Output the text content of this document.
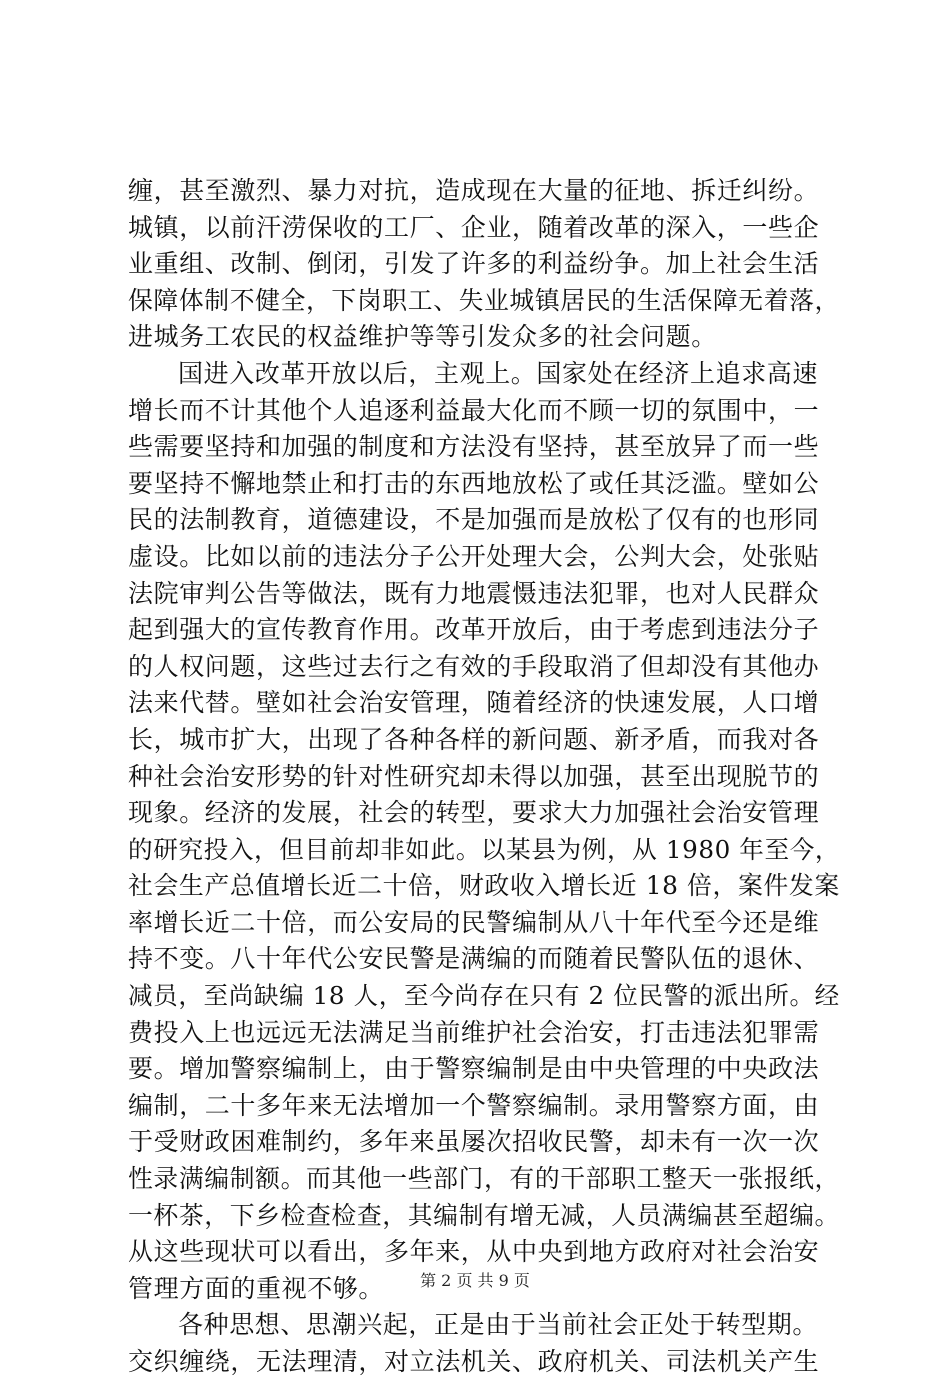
缠，甚至激烈、暴力对抗，造成现在大量的征地、拆迁纠纷。
城镇，以前汗涝保收的工厂、企业，随着改革的深入，一些企
业重组、改制、倒闭，引发了许多的利益纷争。加上社会生活
保障体制不健全，下岗职工、失业城镇居民的生活保障无着落，
进城务工农民的权益维护等等引发众多的社会问题。
国进入改革开放以后，主观上。国家处在经济上追求高速
增长而不计其他个人追逐利益最大化而不顾一切的氛围中，一
些需要坚持和加强的制度和方法没有坚持，甚至放异了而一些
要坚持不懈地禁止和打击的东西地放松了或任其泛滥。壁如公
民的法制教育，道德建设，不是加强而是放松了仅有的也形同
虚设。比如以前的违法分子公开处理大会，公判大会，处张贴
法院审判公告等做法，既有力地震慑违法犯罪，也对人民群众
起到强大的宣传教育作用。改革开放后，由于考虑到违法分子
的人权问题，这些过去行之有效的手段取消了但却没有其他办
法来代替。壁如社会治安管理，随着经济的快速发展，人口增
长，城市扩大，出现了各种各样的新问题、新矛盾，而我对各
种社会治安形势的针对性研究却未得以加强，甚至出现脱节的
现象。经济的发展，社会的转型，要求大力加强社会治安管理
的研究投入，但目前却非如此。以某县为例，从 1980 年至今，
社会生产总值增长近二十倍，财政收入增长近 18 倍，案件发案
率增长近二十倍，而公安局的民警编制从八十年代至今还是维
持不变。八十年代公安民警是满编的而随着民警队伍的退休、
减员，至尚缺编 18 人，至今尚存在只有 2 位民警的派出所。经
费投入上也远远无法满足当前维护社会治安，打击违法犯罪需
要。增加警察编制上，由于警察编制是由中央管理的中央政法
编制，二十多年来无法增加一个警察编制。录用警察方面，由
于受财政困难制约，多年来虽屡次招收民警，却未有一次一次
性录满编制额。而其他一些部门，有的干部职工整天一张报纸，
一杯茶，下乡检查检查，其编制有增无减，人员满编甚至超编。
从这些现状可以看出，多年来，从中央到地方政府对社会治安
管理方面的重视不够。
各种思想、思潮兴起，正是由于当前社会正处于转型期。
交织缠绕，无法理清，对立法机关、政府机关、司法机关产生
第 2 页 共 9 页
